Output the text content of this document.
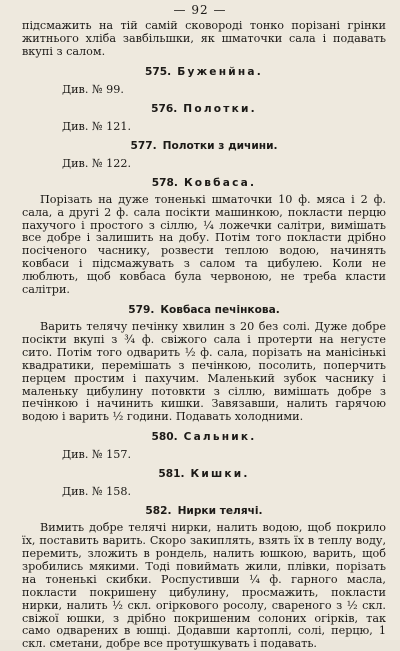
— 92 —

підсмажить на тій самій сковороді тонко порізані грінки житнього хліба завбільшки, як шматочки сала і подавать вкупі з салом.

575. Буженйна.

Див. № 99.

576. Полотки.

Див. № 121.

577. Полотки з дичини.

Див. № 122.

578. Ковбаса.

Порізать на дуже тоненькі шматочки 10 ф. мяса і 2 ф. сала, а другі 2 ф. сала посікти машинкою, покласти перцю пахучого і простого з сіллю, ¼ ложечки салітри, вимішать все добре і залишить на добу. Потім того покласти дрібно посіченого часнику, розвести теплою водою, начинять ковбаси і підсмажувать з салом та цибулею. Коли не люблють, щоб ковбаса була червоною, не треба класти салітри.

579. Ковбаса печінкова.

Варить телячу печінку хвилин з 20 без солі. Дуже добре посікти вкупі з ¾ ф. свіжого сала і протерти на негусте сито. Потім того одварить ½ ф. сала, порізать на манісінькі квадратики, перемішать з печінкою, посолить, поперчить перцем простим і пахучим. Маленький зубок часнику і маленьку цибулину потовкти з сіллю, вимішать добре з печінкою і начинить кишки. Завязавши, налить гарячою водою і варить ½ години. Подавать холодними.

580. Сальник.

Див. № 157.

581. Кишки.

Див. № 158.

582. Нирки телячі.

Вимить добре телячі нирки, налить водою, щоб покрило їх, поставить варить. Скоро закиплять, взять їх в теплу воду, перемить, зложить в рондель, налить юшкою, варить, щоб зробились мякими. Тоді повиймать жили, плівки, порізать на тоненькі скибки. Роспустивши ¼ ф. гарного масла, покласти покришену цибулину, просмажить, покласти нирки, налить ½ скл. огіркового росолу, свареного з ½ скл. свіжої юшки, з дрібно покришеним солоних огірків, так само одварених в юшці. Додавши картоплі, солі, перцю, 1 скл. сметани, добре все протушкувать і подавать.
